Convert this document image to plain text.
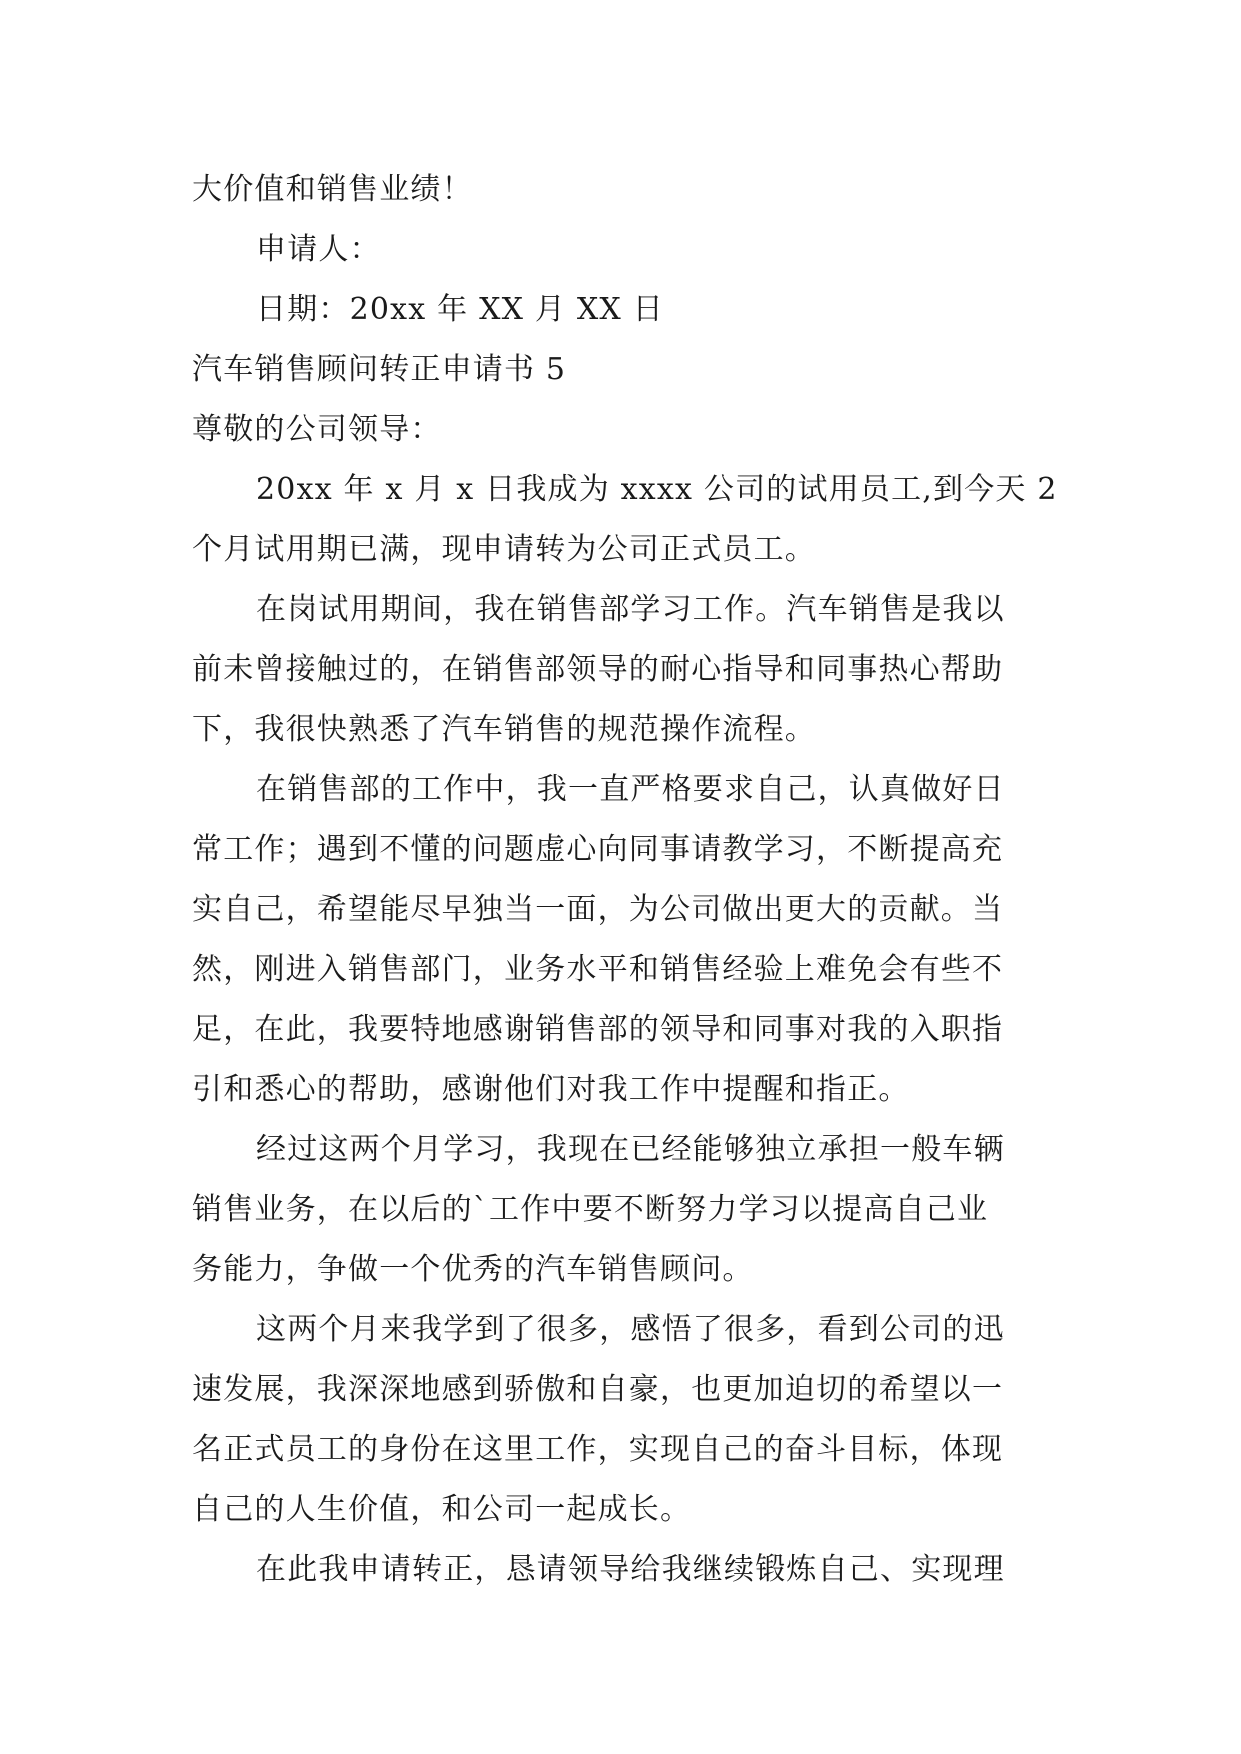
大价值和销售业绩！

申请人：

日期：20xx 年 XX 月 XX 日

汽车销售顾问转正申请书 5

尊敬的公司领导：

20xx 年 x 月 x 日我成为 xxxx 公司的试用员工,到今天 2

个月试用期已满，现申请转为公司正式员工。

在岗试用期间，我在销售部学习工作。汽车销售是我以

前未曾接触过的，在销售部领导的耐心指导和同事热心帮助

下，我很快熟悉了汽车销售的规范操作流程。

在销售部的工作中，我一直严格要求自己，认真做好日

常工作；遇到不懂的问题虚心向同事请教学习，不断提高充

实自己，希望能尽早独当一面，为公司做出更大的贡献。当

然，刚进入销售部门，业务水平和销售经验上难免会有些不

足，在此，我要特地感谢销售部的领导和同事对我的入职指

引和悉心的帮助，感谢他们对我工作中提醒和指正。

经过这两个月学习，我现在已经能够独立承担一般车辆

销售业务，在以后的`工作中要不断努力学习以提高自己业

务能力，争做一个优秀的汽车销售顾问。

这两个月来我学到了很多，感悟了很多，看到公司的迅

速发展，我深深地感到骄傲和自豪，也更加迫切的希望以一

名正式员工的身份在这里工作，实现自己的奋斗目标，体现

自己的人生价值，和公司一起成长。

在此我申请转正，恳请领导给我继续锻炼自己、实现理
